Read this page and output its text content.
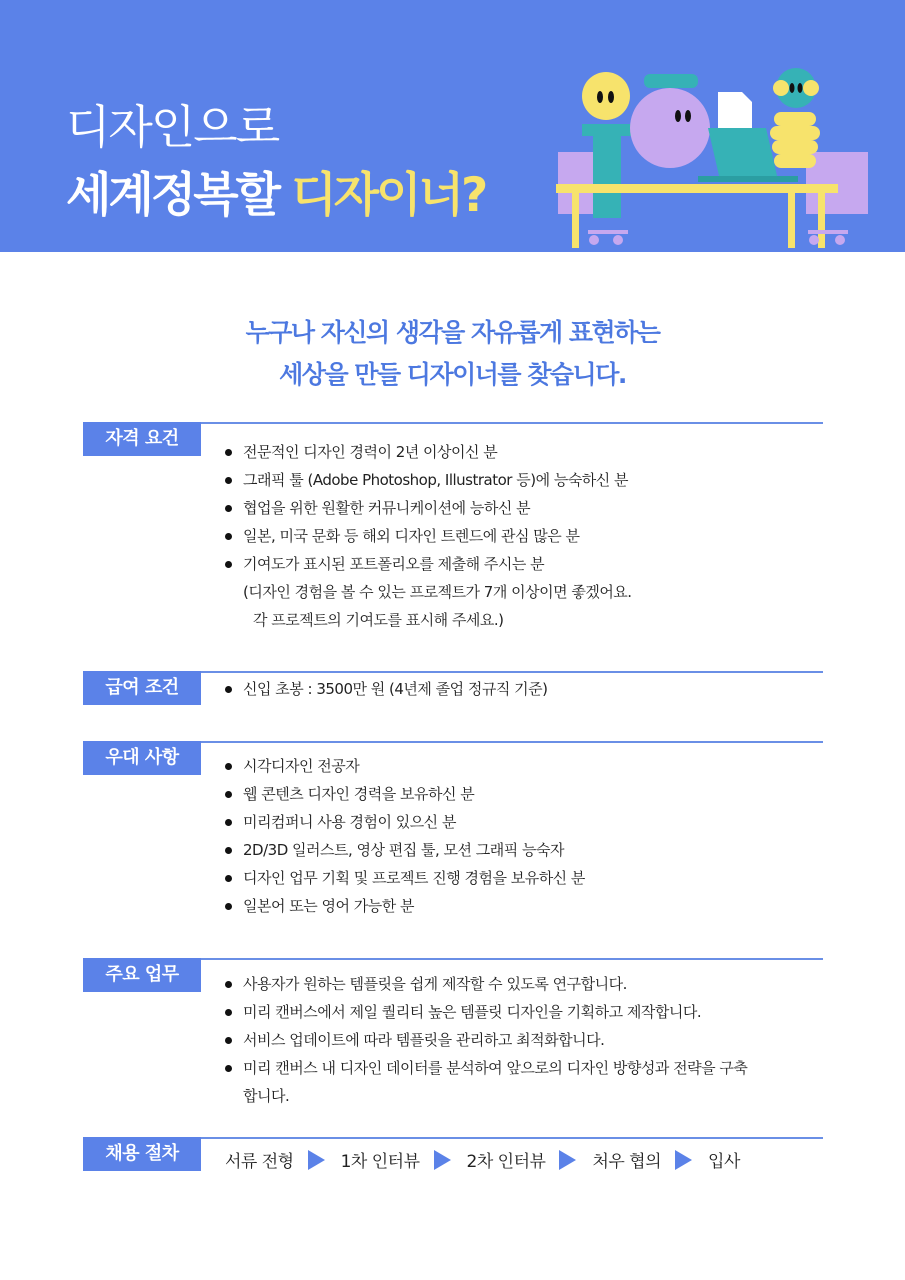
디자인으로
세계정복할 디자이너?
누구나 자신의 생각을 자유롭게 표현하는
세상을 만들 디자이너를 찾습니다.
자격 요건
전문적인 디자인 경력이 2년 이상이신 분
그래픽 툴 (Adobe Photoshop, Illustrator 등)에 능숙하신 분
협업을 위한 원활한 커뮤니케이션에 능하신 분
일본, 미국 문화 등 해외 디자인 트렌드에 관심 많은 분
기여도가 표시된 포트폴리오를 제출해 주시는 분
(디자인 경험을 볼 수 있는 프로젝트가 7개 이상이면 좋겠어요.
각 프로젝트의 기여도를 표시해 주세요.)
급여 조건	신입 초봉 : 3500만 원 (4년제 졸업 정규직 기준)
우대 사항	시각디자인 전공자
웹 콘텐츠 디자인 경력을 보유하신 분
미리컴퍼니 사용 경험이 있으신 분
2D/3D 일러스트, 영상 편집 툴, 모션 그래픽 능숙자
디자인 업무 기획 및 프로젝트 진행 경험을 보유하신 분
일본어 또는 영어 가능한 분
주요 업무	사용자가 원하는 템플릿을 쉽게 제작할 수 있도록 연구합니다.
미리 캔버스에서 제일 퀄리티 높은 템플릿 디자인을 기획하고 제작합니다.
서비스 업데이트에 따라 템플릿을 관리하고 최적화합니다.
미리 캔버스 내 디자인 데이터를 분석하여 앞으로의 디자인 방향성과 전략을 구축
합니다.
채용 절차	서류 전형	1차 인터뷰	2차 인터뷰	처우 협의	입사
